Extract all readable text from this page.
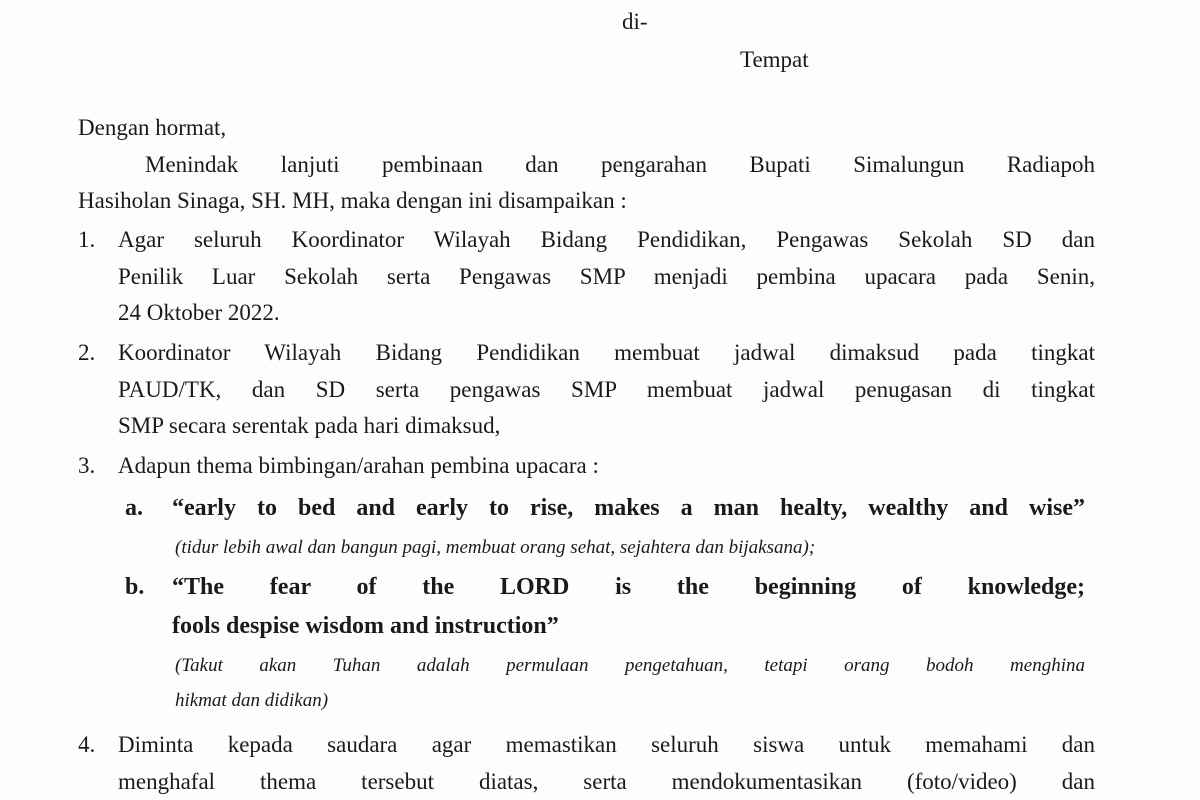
di-
Tempat
Dengan hormat,
Menindak lanjuti pembinaan dan pengarahan Bupati Simalungun Radiapoh
Hasiholan Sinaga, SH. MH, maka dengan ini disampaikan :
1. Agar seluruh Koordinator Wilayah Bidang Pendidikan, Pengawas Sekolah SD dan
Penilik Luar Sekolah serta Pengawas SMP menjadi pembina upacara pada Senin,
24 Oktober 2022.
2. Koordinator Wilayah Bidang Pendidikan membuat jadwal dimaksud pada tingkat
PAUD/TK, dan SD serta pengawas SMP membuat jadwal penugasan di tingkat
SMP secara serentak pada hari dimaksud,
3. Adapun thema bimbingan/arahan pembina upacara :
a. “early to bed and early to rise, makes a man healty, wealthy and wise”
(tidur lebih awal dan bangun pagi, membuat orang sehat, sejahtera dan bijaksana);
b. “The fear of the LORD is the beginning of knowledge;
fools despise wisdom and instruction”
(Takut akan Tuhan adalah permulaan pengetahuan, tetapi orang bodoh menghina
hikmat dan didikan)
4. Diminta kepada saudara agar memastikan seluruh siswa untuk memahami dan
menghafal thema tersebut diatas, serta mendokumentasikan (foto/video) dan
